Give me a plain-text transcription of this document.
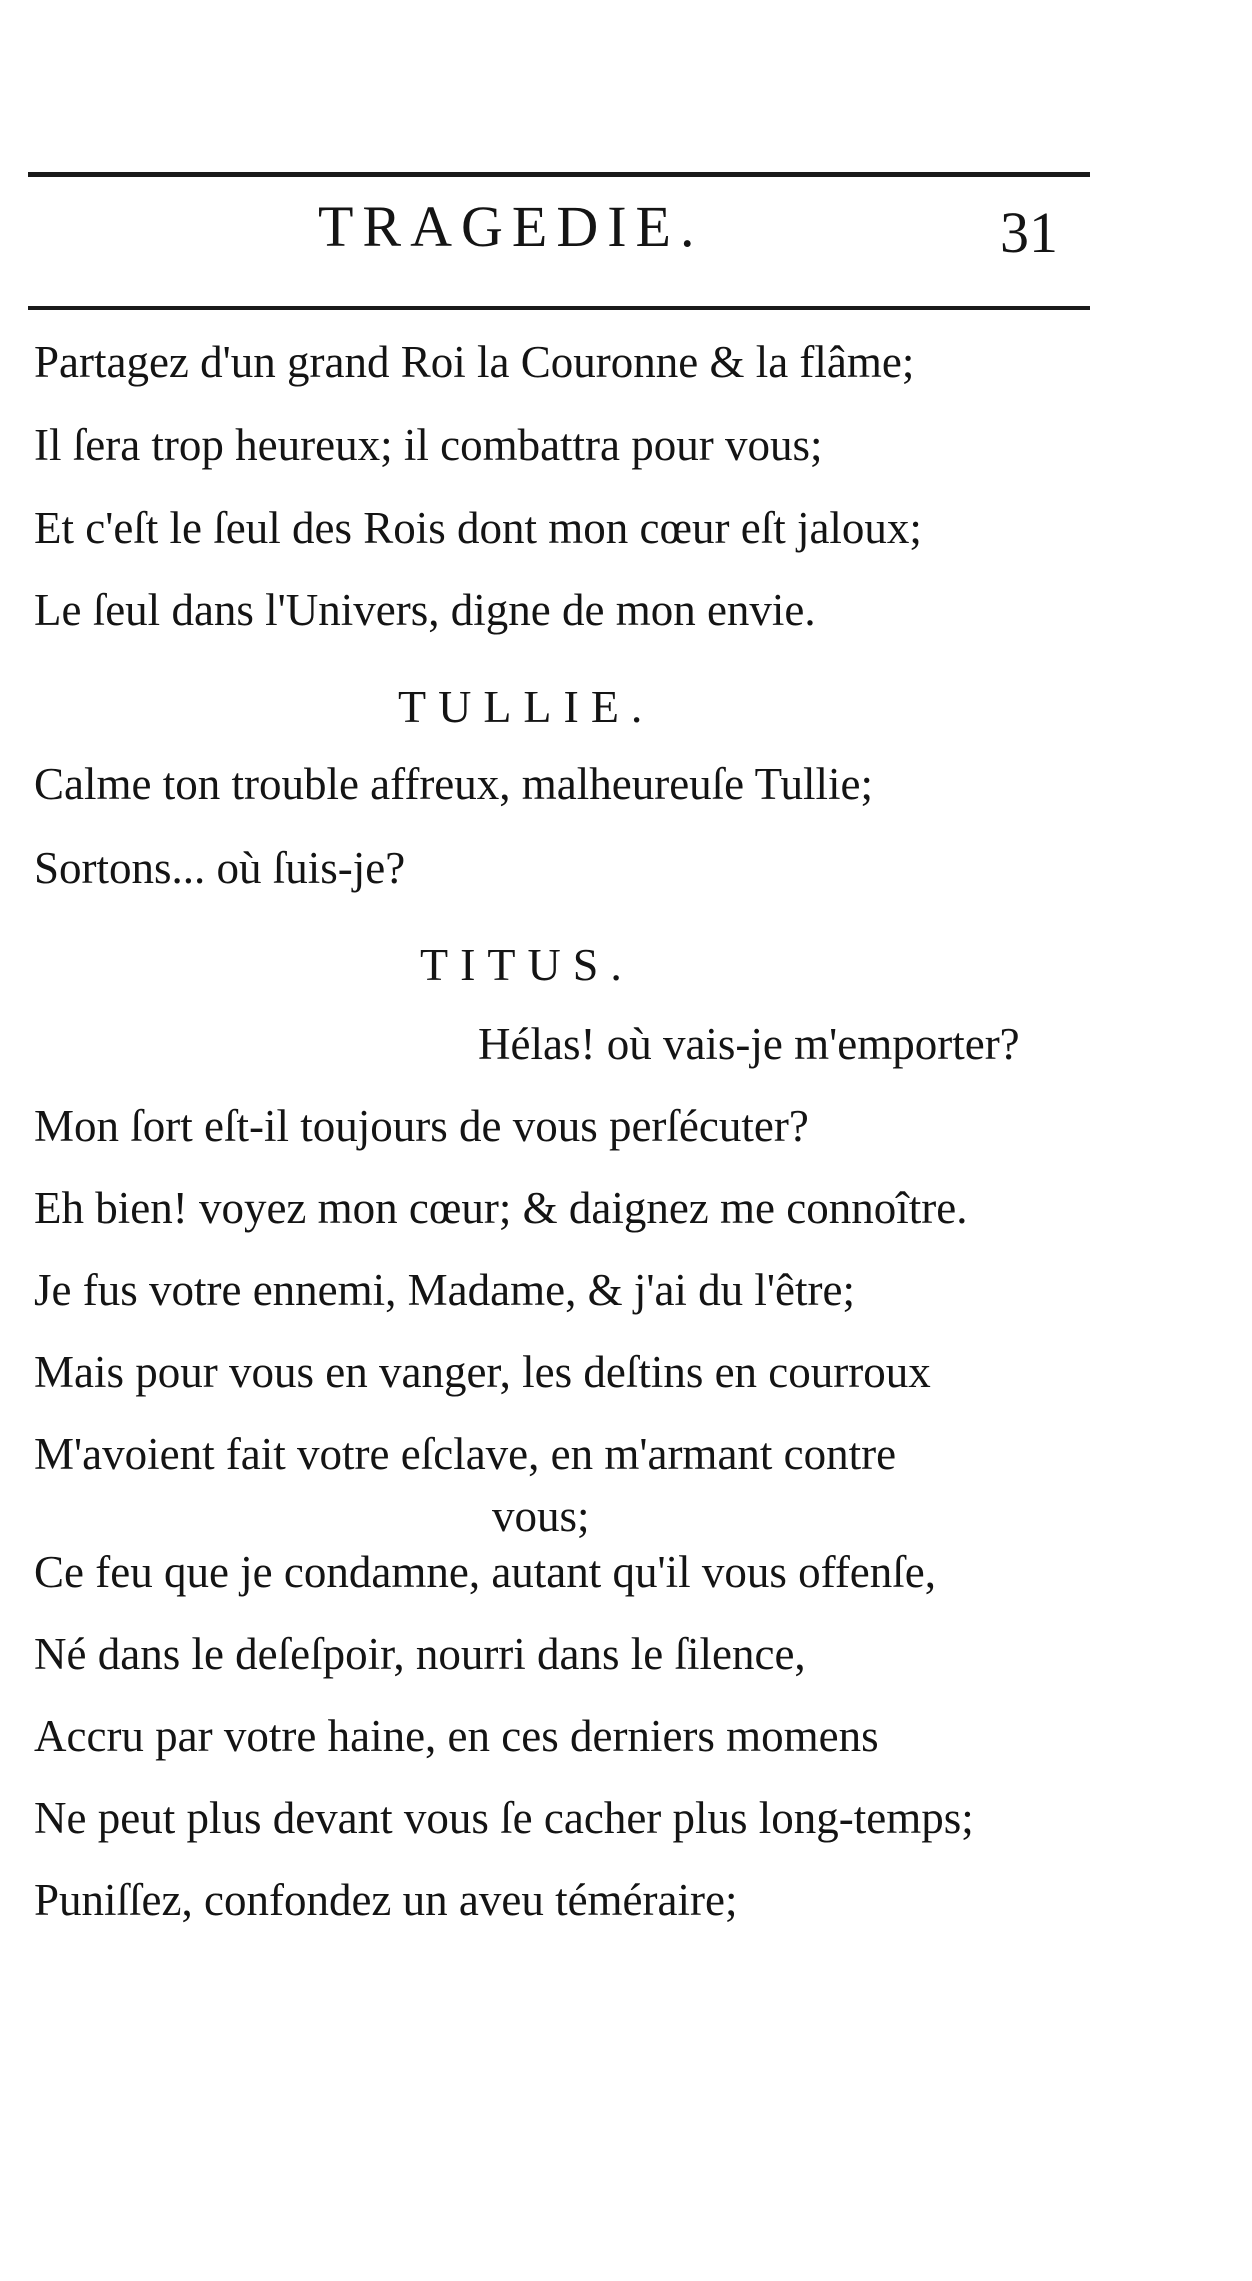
TRAGEDIE.	31
Partagez d'un grand Roi la Couronne & la flâme;
Il ſera trop heureux; il combattra pour vous;
Et c'eſt le ſeul des Rois dont mon cœur eſt jaloux;
Le ſeul dans l'Univers, digne de mon envie.
TULLIE.
Calme ton trouble affreux, malheureuſe Tullie;
Sortons... où ſuis-je?
TITUS.
Hélas! où vais-je m'emporter?
Mon ſort eſt-il toujours de vous perſécuter?
Eh bien! voyez mon cœur; & daignez me connoître.
Je fus votre ennemi, Madame, & j'ai du l'être;
Mais pour vous en vanger, les deſtins en courroux
M'avoient fait votre eſclave, en m'armant contre
vous;
Ce feu que je condamne, autant qu'il vous offenſe,
Né dans le deſeſpoir, nourri dans le ſilence,
Accru par votre haine, en ces derniers momens
Ne peut plus devant vous ſe cacher plus long-temps;
Puniſſez, confondez un aveu téméraire;
